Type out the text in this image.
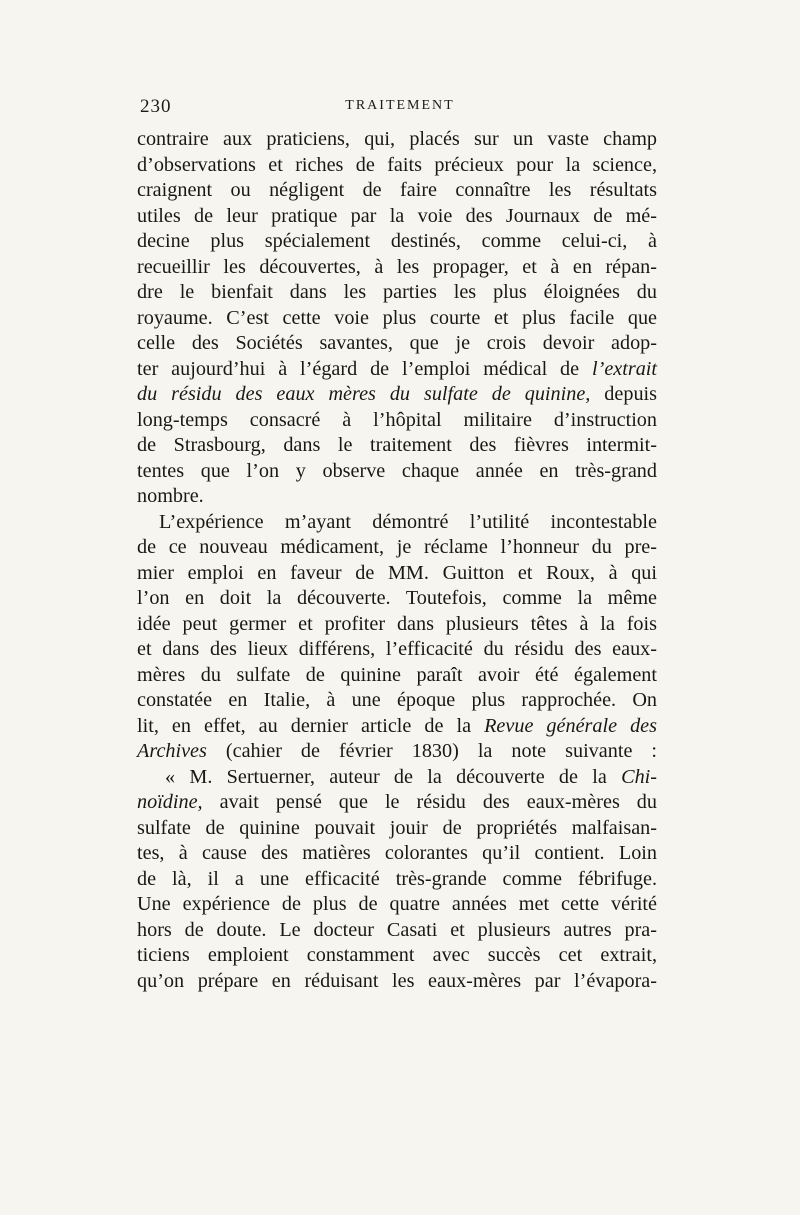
230	TRAITEMENT
contraire aux praticiens, qui, placés sur un vaste champ
d’observations et riches de faits précieux pour la science,
craignent ou négligent de faire connaître les résultats
utiles de leur pratique par la voie des Journaux de mé-
decine plus spécialement destinés, comme celui-ci, à
recueillir les découvertes, à les propager, et à en répan-
dre le bienfait dans les parties les plus éloignées du
royaume. C’est cette voie plus courte et plus facile que
celle des Sociétés savantes, que je crois devoir adop-
ter aujourd’hui à l’égard de l’emploi médical de l’extrait
du résidu des eaux mères du sulfate de quinine, depuis
long-temps consacré à l’hôpital militaire d’instruction
de Strasbourg, dans le traitement des fièvres intermit-
tentes que l’on y observe chaque année en très-grand
nombre.
L’expérience m’ayant démontré l’utilité incontestable
de ce nouveau médicament, je réclame l’honneur du pre-
mier emploi en faveur de MM. Guitton et Roux, à qui
l’on en doit la découverte. Toutefois, comme la même
idée peut germer et profiter dans plusieurs têtes à la fois
et dans des lieux différens, l’efficacité du résidu des eaux-
mères du sulfate de quinine paraît avoir été également
constatée en Italie, à une époque plus rapprochée. On
lit, en effet, au dernier article de la Revue générale des
Archives (cahier de février 1830) la note suivante :
« M. Sertuerner, auteur de la découverte de la Chi-
noïdine, avait pensé que le résidu des eaux-mères du
sulfate de quinine pouvait jouir de propriétés malfaisan-
tes, à cause des matières colorantes qu’il contient. Loin
de là, il a une efficacité très-grande comme fébrifuge.
Une expérience de plus de quatre années met cette vérité
hors de doute. Le docteur Casati et plusieurs autres pra-
ticiens emploient constamment avec succès cet extrait,
qu’on prépare en réduisant les eaux-mères par l’évapora-
